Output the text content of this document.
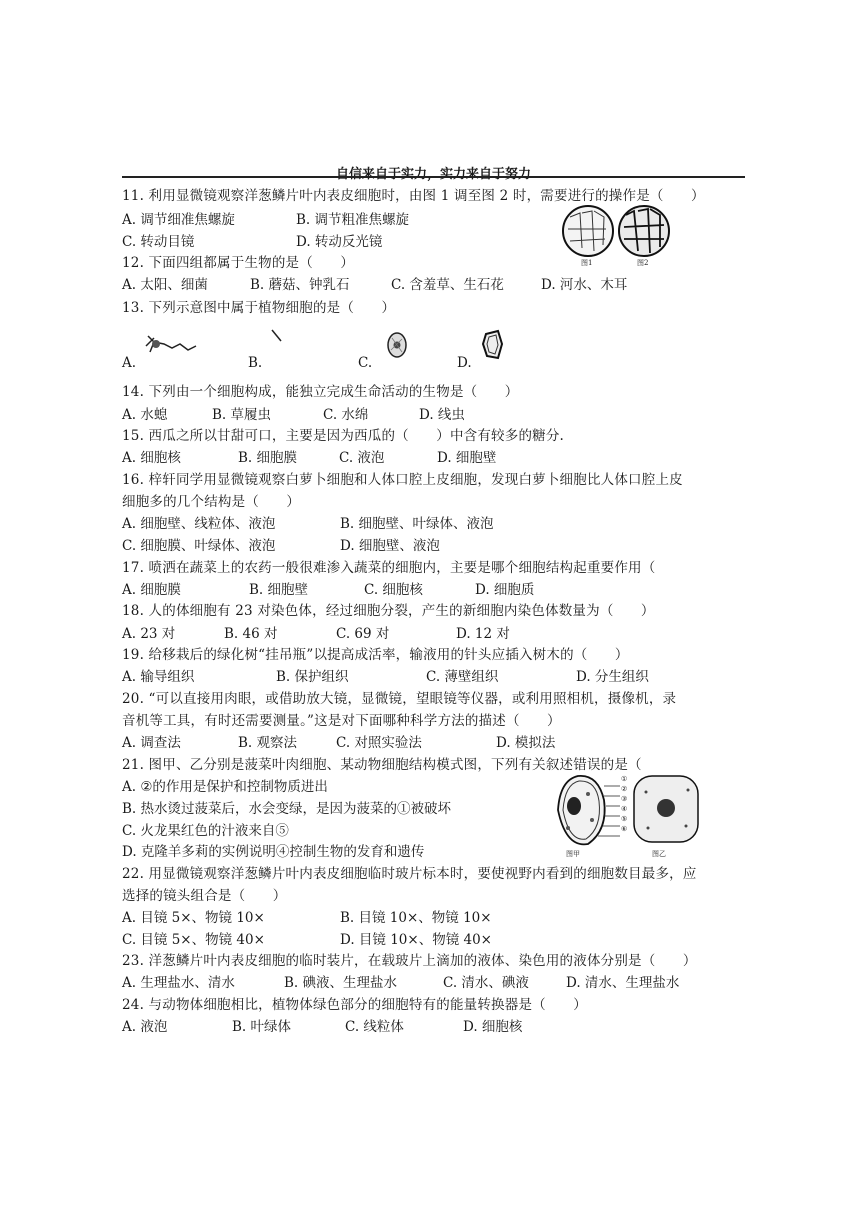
自信来自于实力，实力来自于努力
11. 利用显微镜观察洋葱鳞片叶内表皮细胞时，由图 1 调至图 2 时，需要进行的操作是（　　）
A. 调节细准焦螺旋	B. 调节粗准焦螺旋
C. 转动目镜	D. 转动反光镜
图1	图2
12. 下面四组都属于生物的是（　　）
A. 太阳、细菌	B. 蘑菇、钟乳石	C. 含羞草、生石花	D. 河水、木耳
13. 下列示意图中属于植物细胞的是（　　）
A.	B.	C.	D.
14. 下列由一个细胞构成，能独立完成生命活动的生物是（　　）
A. 水螅	B. 草履虫	C. 水绵	D. 线虫
15. 西瓜之所以甘甜可口，主要是因为西瓜的（　　）中含有较多的糖分.
A. 细胞核	B. 细胞膜	C. 液泡	D. 细胞壁
16. 梓轩同学用显微镜观察白萝卜细胞和人体口腔上皮细胞，发现白萝卜细胞比人体口腔上皮
细胞多的几个结构是（　　）
A. 细胞壁、线粒体、液泡	B. 细胞壁、叶绿体、液泡
C. 细胞膜、叶绿体、液泡	D. 细胞壁、液泡
17. 喷洒在蔬菜上的农药一般很难渗入蔬菜的细胞内，主要是哪个细胞结构起重要作用（
A. 细胞膜	B. 细胞壁	C. 细胞核	D. 细胞质
18. 人的体细胞有 23 对染色体，经过细胞分裂，产生的新细胞内染色体数量为（　　）
A. 23 对	B. 46 对	C. 69 对	D. 12 对
19. 给移栽后的绿化树“挂吊瓶”以提高成活率，输液用的针头应插入树木的（　　）
A. 输导组织	B. 保护组织	C. 薄壁组织	D. 分生组织
20. “可以直接用肉眼，或借助放大镜，显微镜，望眼镜等仪器，或利用照相机，摄像机，录
音机等工具，有时还需要测量。”这是对下面哪种科学方法的描述（　　）
A. 调查法	B. 观察法	C. 对照实验法	D. 模拟法
21. 图甲、乙分别是菠菜叶肉细胞、某动物细胞结构模式图，下列有关叙述错误的是（
A. ②的作用是保护和控制物质进出
B. 热水烫过菠菜后，水会变绿，是因为菠菜的①被破坏
C. 火龙果红色的汁液来自⑤
D. 克隆羊多莉的实例说明④控制生物的发育和遗传
①
②
③
④
⑤
⑥
图甲	图乙
22. 用显微镜观察洋葱鳞片叶内表皮细胞临时玻片标本时，要使视野内看到的细胞数目最多，应
选择的镜头组合是（　　）
A. 目镜 5×、物镜 10×	B. 目镜 10×、物镜 10×
C. 目镜 5×、物镜 40×	D. 目镜 10×、物镜 40×
23. 洋葱鳞片叶内表皮细胞的临时装片，在载玻片上滴加的液体、染色用的液体分别是（　　）
A. 生理盐水、清水	B. 碘液、生理盐水	C. 清水、碘液	D. 清水、生理盐水
24. 与动物体细胞相比，植物体绿色部分的细胞特有的能量转换器是（　　）
A. 液泡	B. 叶绿体	C. 线粒体	D. 细胞核
